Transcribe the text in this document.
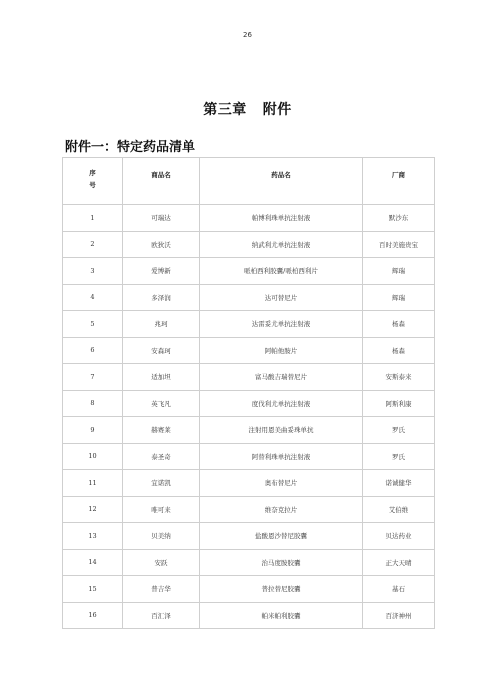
26
第三章 附件
附件一：特定药品清单
序
号	商品名	药品名	厂商
1	可瑞达	帕博利珠单抗注射液	默沙东
2	欧狄沃	纳武利尤单抗注射液	百时美施贵宝
3	爱博新	哌柏西利胶囊/哌柏西利片	辉瑞
4	多泽润	达可替尼片	辉瑞
5	兆珂	达雷妥尤单抗注射液	杨森
6	安森珂	阿帕他胺片	杨森
7	适加坦	富马酸吉瑞替尼片	安斯泰来
8	英飞凡	度伐利尤单抗注射液	阿斯利康
9	赫赛莱	注射用恩美曲妥珠单抗	罗氏
10	泰圣奇	阿替利珠单抗注射液	罗氏
11	宜诺凯	奥布替尼片	诺诚健华
12	唯可来	维奈克拉片	艾伯维
13	贝美纳	盐酸恩沙替尼胶囊	贝达药业
14	安跃	治马度胺胶囊	正大天晴
15	普吉华	普拉替尼胶囊	基石
16	百汇泽	帕米帕利胶囊	百济神州
